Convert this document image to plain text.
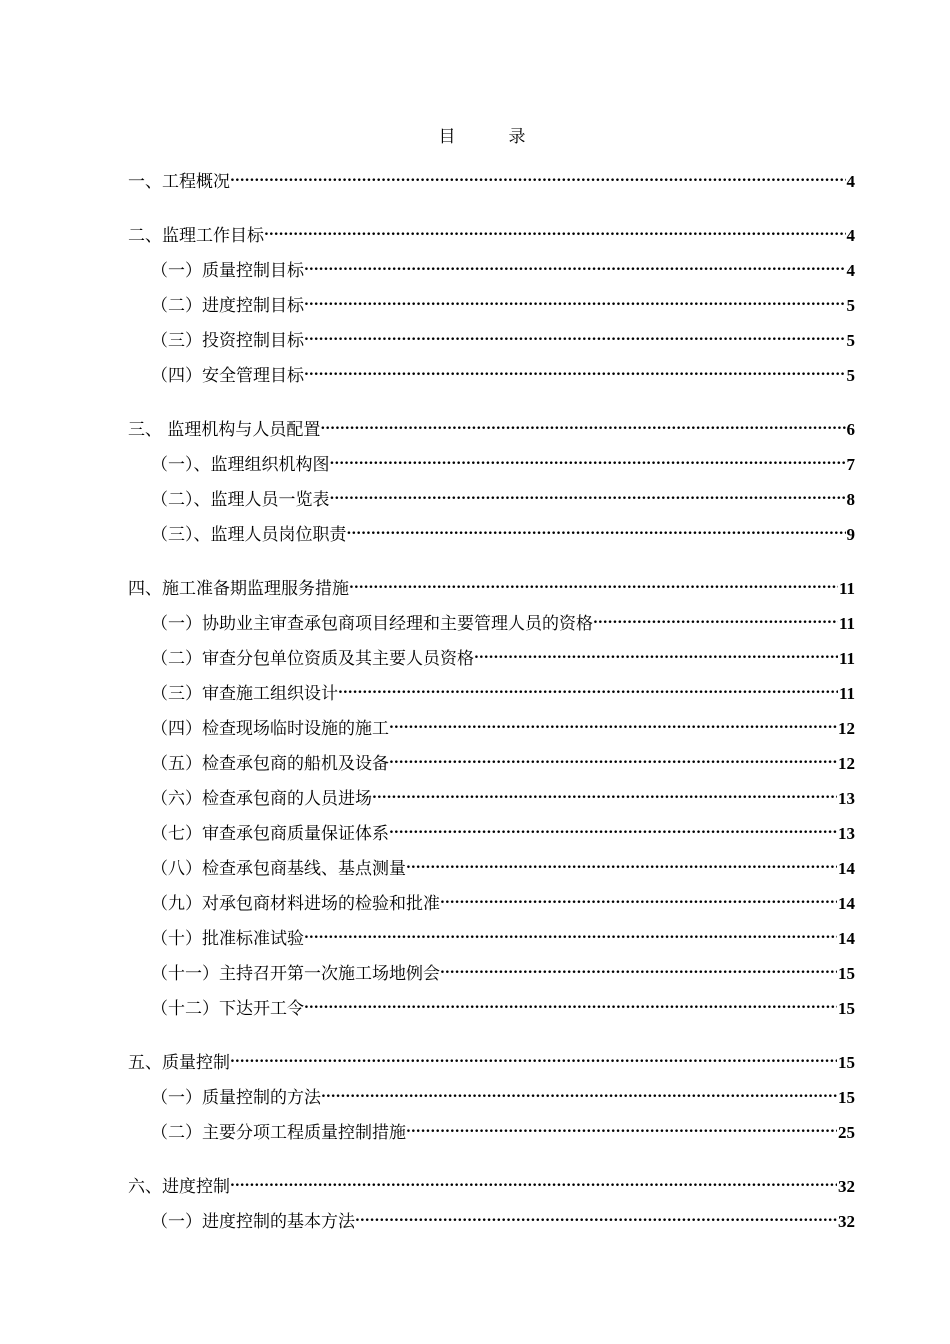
目　录
一、工程概况 .....	4
二、监理工作目标 .....	4
（一）质量控制目标 .....	4
（二）进度控制目标 .....	5
（三）投资控制目标 .....	5
（四）安全管理目标 .....	5
三、 监理机构与人员配置 .....	6
（一）、监理组织机构图 .....	7
（二）、监理人员一览表 .....	8
（三）、监理人员岗位职责 .....	9
四、施工准备期监理服务措施 .....	11
（一）协助业主审查承包商项目经理和主要管理人员的资格 .....	11
（二）审查分包单位资质及其主要人员资格 .....	11
（三）审查施工组织设计 .....	11
（四）检查现场临时设施的施工 .....	12
（五）检查承包商的船机及设备 .....	12
（六）检查承包商的人员进场 .....	13
（七）审查承包商质量保证体系 .....	13
（八）检查承包商基线、基点测量 .....	14
（九）对承包商材料进场的检验和批准 .....	14
（十）批准标准试验 .....	14
（十一）主持召开第一次施工场地例会 .....	15
（十二）下达开工令 .....	15
五、质量控制 .....	15
（一）质量控制的方法 .....	15
（二）主要分项工程质量控制措施 .....	25
六、进度控制 .....	32
（一）进度控制的基本方法 .....	32
